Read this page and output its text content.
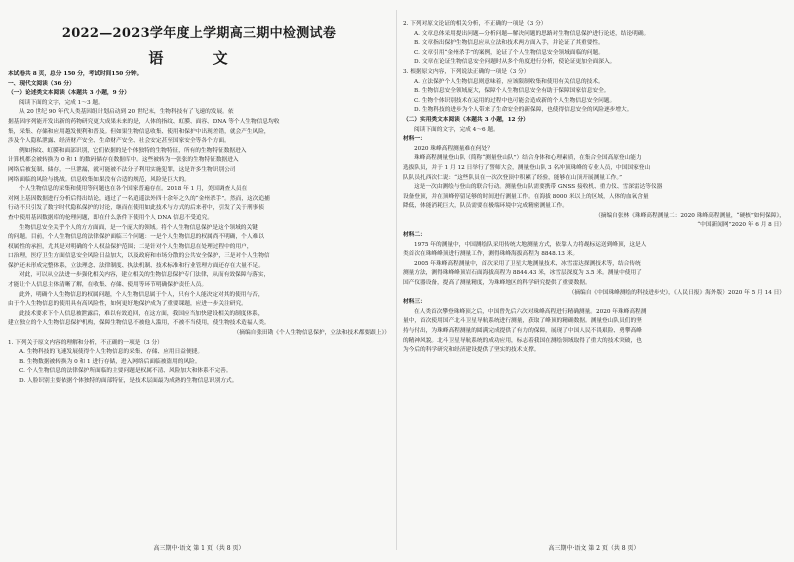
2022—2023学年度上学期高三期中检测试卷
语 文
本试卷共 8 页，总分 150 分，考试时间150 分钟。
一、现代文阅读（36 分）
（一）论述类文本阅读（本题共 3 小题，9 分）
阅读下面的文字，完成 1～3 题。
从 20 世纪 90 年代人类基因组计划启动到 20 世纪末，生物科技有了飞速的发展。依
据基因序列能开发出新的药物研究更大成果未来的是，人体的指纹、虹膜、面容、DNA 等个人生物信息均收
集，采集、存储和应用越发便利和普及。但如果生物信息收集、使用和保护中出现差错，就会产生风险，
涉及个人隐私泄露、经济财产安全、生命财产安全、社会安定甚至国家安全等各个方面。
例如指纹、虹膜和面部识别，它们依据的是个体独特的生物特征，所有的生物特征数据进入
计算机都会被转换为 0 和 1 的数码储存在数据库中。这些被转为一张张的生物特征数据进入
网络后被复制、储存，一旦泄漏，就可能被不法分子利用实施犯罪，这是许多生物识别公司
网络面临的风险与挑战。信息收集如果没有合适的规范，风险是巨大的。
个人生物信息的采集和使用等问题也在各个国家普遍存在。2018 年 1 月，美国调查人员在
对网上基因数据进行分析后得出结论，通过了一名逍遥法外四十余年之久的“金州杀手”。然而，这次追捕
行动不只引发了数字时代隐私保护的讨论，继而在使用如此技术与方式的后来者中，引发了关于刑事侦
查中使用基因数据库的伦理问题，即在什么条件下使用个人 DNA 信息不受追究。
生物信息安全关乎个人的方方面面，是一个庞大的领域。将个人生物信息保护是这个领域的关键
的问题。目前，个人生物信息的法律保护面临三个问题：一是个人生物信息的权属尚不明确，个人难以
权属性的承担，尤其是对明确的个人权益保护范围；二是针对个人生物信息在处理过程中的用户，
口治理，医疗卫生方面信息安全风险日益加大，以及政府和市场分散的公共安全保护，三是对个人生物信
保护还未形成完整体系，立法理念、法律制度、执法机制、技术标准和行业管理方面还存在大量不足。
对此，可以从立法进一步强化相关内容，建立相关的生物信息保护专门法律，从而有效保障与落实，
才能让个人信息主体清晰了解，在收集、存储、使用等环节明确保护责任人员。
此外，明确个人生物信息的权属问题，个人生物信息属于个人，只有个人能决定对其的使用与否，
由于个人生物信息的使用具有高风险性，如何更好地保护成为了重要课题，应进一步关注研究。
此技术要求下个人信息被泄露后，难以有效追回，在这方面，我国应当加快建设相关的制度体系，
建立独立的个人生物信息保护机构，保障生物信息不被他人滥用，不被不当使用，使生物技术造福人类。
（摘编自张田勘《个人生物信息保护，立法和技术都要跟上》）
1. 下列关于原文内容的理解和分析，不正确的一项是（3 分）
A. 生物科技的飞速发展使得个人生物信息的采集、存储、应用日益便捷。
B. 生物数据被转换为 0 和 1 进行存储，进入网络后面临被盗用的风险。
C. 个人生物信息的法律保护所面临的主要问题是权属不清、风险加大和体系不完善。
D. 人脸识别主要依据个体独特的面部特征，是技术层面最为成熟的生物信息识别方式。
高三期中·语文 第 1 页（共 8 页）
2. 下列对原文论证的相关分析，不正确的一项是（3 分）
A. 文章总体采用提出问题—分析问题—解决问题的思路对生物信息保护进行论述，结论明确。
B. 文章指出保护生物信息应从立法和技术两方面入手，并论证了其重要性。
C. 文章引用“金州杀手”的案例，论证了个人生物信息安全领域面临的问题。
D. 文章在论证生物信息安全问题时从多个角度进行分析，使论证更加全面深入。
3. 根据原文内容，下列说法正确的一项是（3 分）
A. 立法保护个人生物信息则意味着，应该限制收集和使用有关信息的技术。
B. 生物信息安全领域庞大，保障个人生物信息安全有助于保障国家信息安全。
C. 生物个体识别技术在运用的过程中也可能会造成新的个人生物信息安全问题。
D. 生物科技的进步为个人带来了生命安全的新保障，也使得信息安全的风险逐步增大。
（二）实用类文本阅读（本题共 3 小题，12 分）
阅读下面的文字，完成 4～6 题。
材料一：
2020 珠峰高程测量难在何处？
珠峰高程测量登山队（简称“测量登山队”）结合身体和心理素质，在集合全国高原登山能力
选拔队员，并于 1 月 12 日举行了誓师大会，测量登山队 3 名冲顶珠峰的专业人员，中国国家登山
队队员扎西次仁说：“这些队员在一次次登顶中积累了经验，能够在山顶开展测量工作。”
这是一次由测绘与登山的联合行动。测量登山队需要携带 GNSS 接收机、重力仪、雪深雷达等仪器
设备登顶，并在顶峰停留足够的时间进行测量工作。在海拔 8000 米以上的区域，人体的血氧含量
降低，体能消耗巨大，队员需要在极端环境中完成精密测量工作。
（摘编自张林《珠峰高程测量二：2020 珠峰高程测量，“硬核”如何保障》，
“中国新闻网”2020 年 6 月 8 日）
材料二：
1975 年的测量中，中国测绘队采用传统大地测量方式，依靠人力将觇标运送到峰顶，这是人
类首次在珠峰峰顶进行测量工作，测得珠峰海拔高程为 8848.13 米。
2005 年珠峰高程测量中，首次采用了卫星大地测量技术、冰雪雷达探测技术等，结合传统
测量方法，测得珠峰峰顶岩石面海拔高程为 8844.43 米，冰雪层深度为 3.5 米。测量中使用了
国产仪器设备，提高了测量精度，为珠峰地区的科学研究提供了重要数据。
（摘编自《中国珠峰测绘的科技进步史》，《人民日报》海外版）2020 年 5 月 14 日）
材料三：
在人类首次攀登珠峰顶之后，中国曾先后六次对珠峰高程进行精确测量。2020 年珠峰高程测
量中，首次使用国产北斗卫星导航系统进行测量，获取了峰顶的精确数据。测量登山队员们的坚
持与付出，为珠峰高程测量的圆满完成提供了有力的保障，展现了中国人民不畏艰险、勇攀高峰
的精神风貌。北斗卫星导航系统的成功应用，标志着我国在测绘领域取得了重大的技术突破，也
为今后的科学研究和经济建设提供了坚实的技术支撑。
高三期中·语文 第 2 页（共 8 页）
